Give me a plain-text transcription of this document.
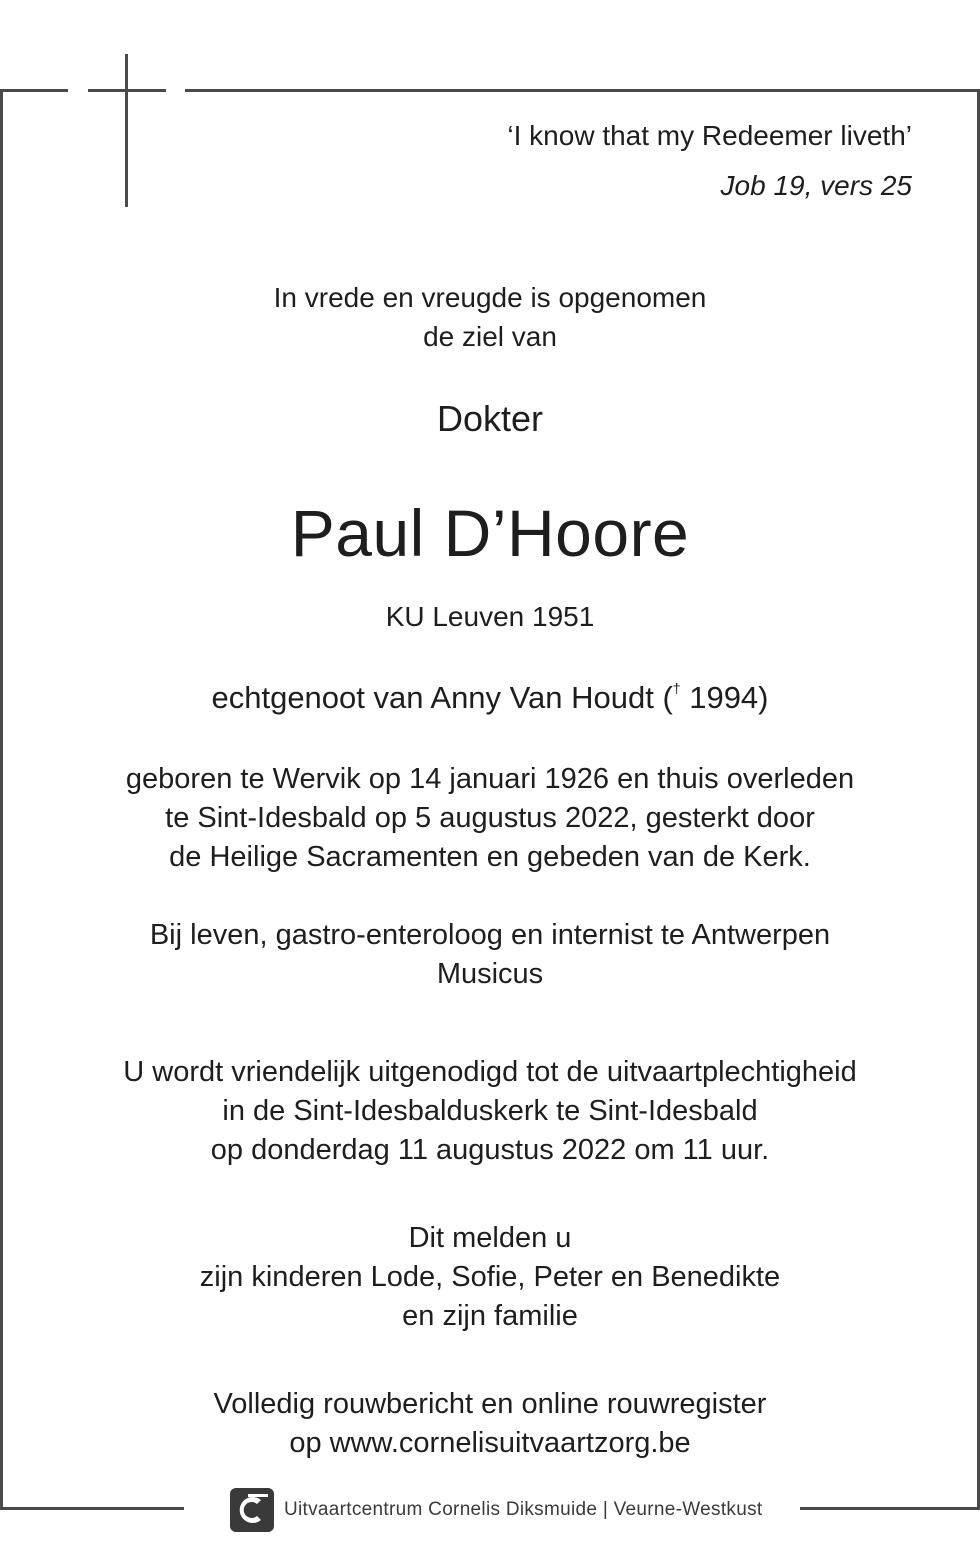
‘I know that my Redeemer liveth’
Job 19, vers 25
In vrede en vreugde is opgenomen
de ziel van
Dokter
Paul D’Hoore
KU Leuven 1951
echtgenoot van Anny Van Houdt († 1994)
geboren te Wervik op 14 januari 1926 en thuis overleden
te Sint-Idesbald op 5 augustus 2022, gesterkt door
de Heilige Sacramenten en gebeden van de Kerk.
Bij leven, gastro-enteroloog en internist te Antwerpen
Musicus
U wordt vriendelijk uitgenodigd tot de uitvaartplechtigheid
in de Sint-Idesbalduskerk te Sint-Idesbald
op donderdag 11 augustus 2022 om 11 uur.
Dit melden u
zijn kinderen Lode, Sofie, Peter en Benedikte
en zijn familie
Volledig rouwbericht en online rouwregister
op www.cornelisuitvaartzorg.be
Uitvaartcentrum Cornelis Diksmuide | Veurne-Westkust
